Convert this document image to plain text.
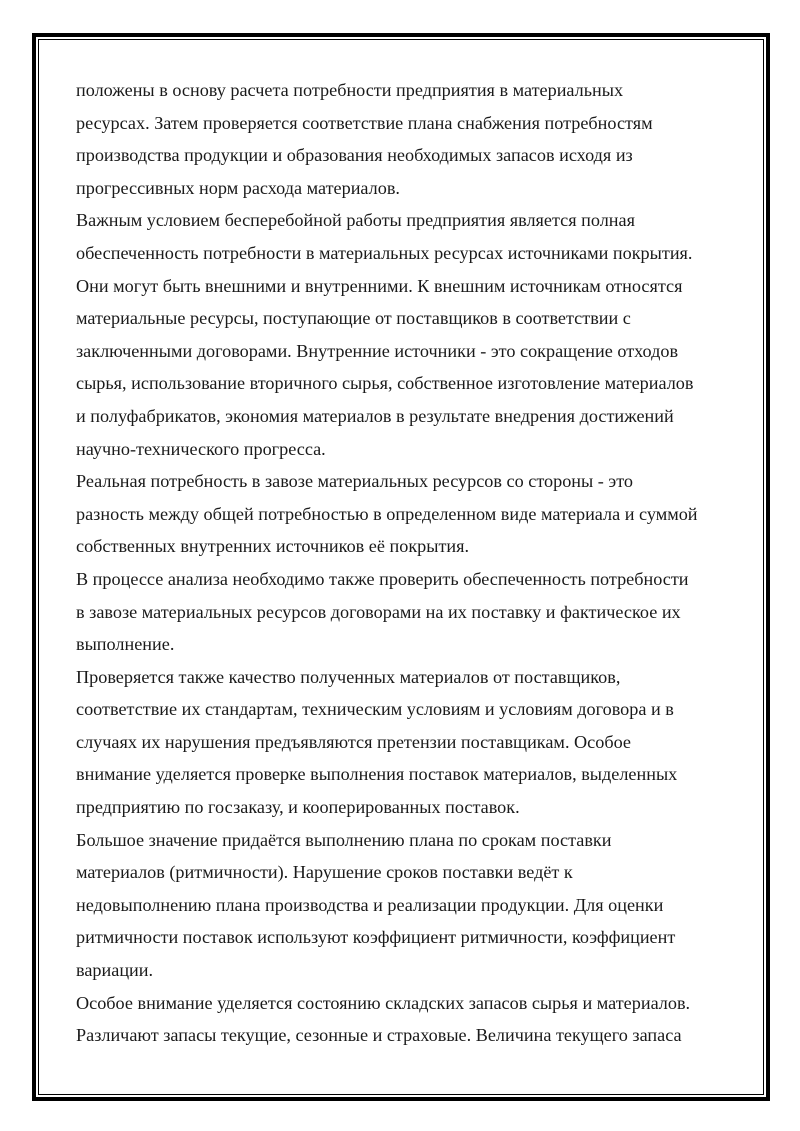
положены в основу расчета потребности предприятия в материальных
ресурсах. Затем проверяется соответствие плана снабжения потребностям
производства продукции и образования необходимых запасов исходя из
прогрессивных норм расхода материалов.
Важным условием бесперебойной работы предприятия является полная
обеспеченность потребности в материальных ресурсах источниками покрытия.
Они могут быть внешними и внутренними. К внешним источникам относятся
материальные ресурсы, поступающие от поставщиков в соответствии с
заключенными договорами. Внутренние источники - это сокращение отходов
сырья, использование вторичного сырья, собственное изготовление материалов
и полуфабрикатов, экономия материалов в результате внедрения достижений
научно-технического прогресса.
Реальная потребность в завозе материальных ресурсов со стороны - это
разность между общей потребностью в определенном виде материала и суммой
собственных внутренних источников её покрытия.
В процессе анализа необходимо также проверить обеспеченность потребности
в завозе материальных ресурсов договорами на их поставку и фактическое их
выполнение.
Проверяется также качество полученных материалов от поставщиков,
соответствие их стандартам, техническим условиям и условиям договора и в
случаях их нарушения предъявляются претензии поставщикам. Особое
внимание уделяется проверке выполнения поставок материалов, выделенных
предприятию по госзаказу, и кооперированных поставок.
Большое значение придаётся выполнению плана по срокам поставки
материалов (ритмичности). Нарушение сроков поставки ведёт к
недовыполнению плана производства и реализации продукции. Для оценки
ритмичности поставок используют коэффициент ритмичности, коэффициент
вариации.
Особое внимание уделяется состоянию складских запасов сырья и материалов.
Различают запасы текущие, сезонные и страховые. Величина текущего запаса
